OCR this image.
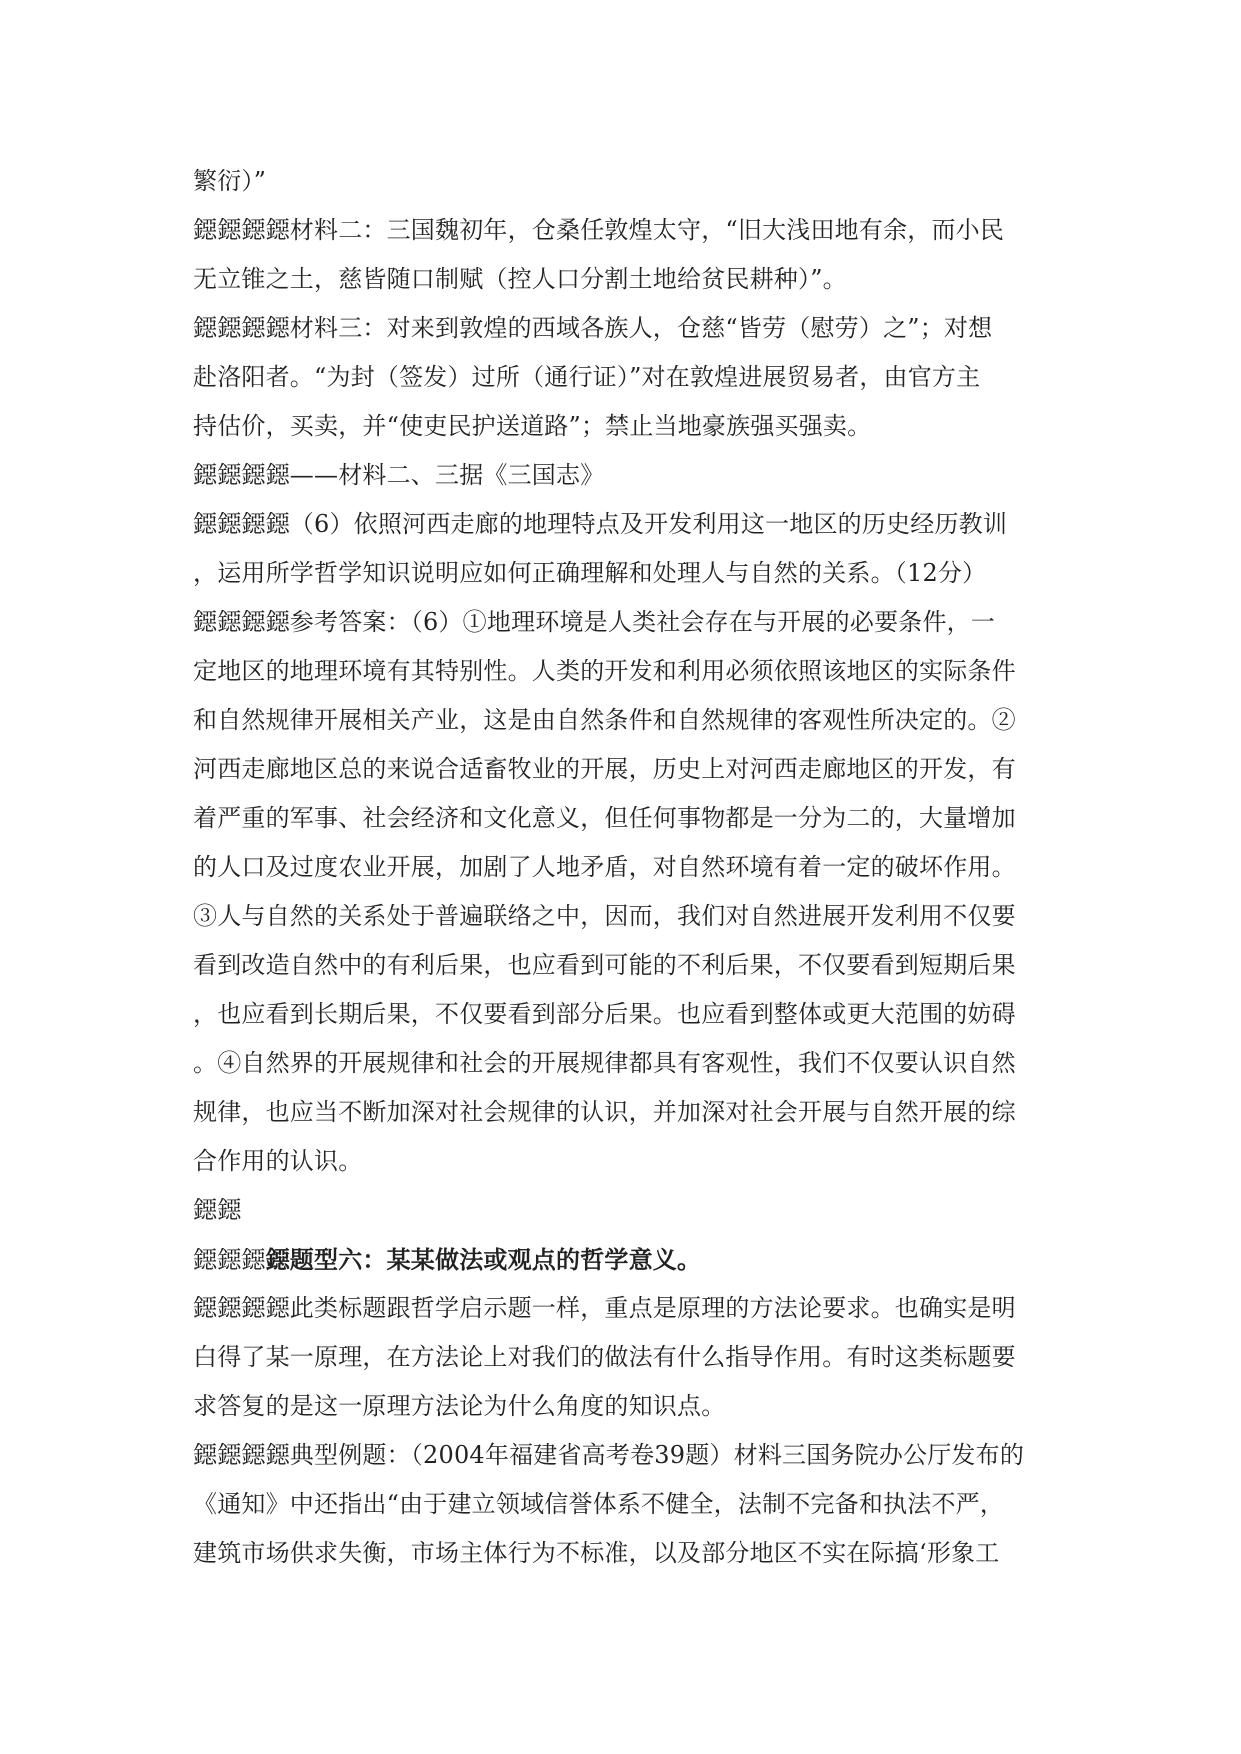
繁衍）”
鐚鐚鐚鐚材料二：三国魏初年，仓桑任敦煌太守，“旧大浅田地有余，而小民
无立锥之土，慈皆随口制赋（控人口分割土地给贫民耕种）”。
鐚鐚鐚鐚材料三：对来到敦煌的西域各族人，仓慈“皆劳（慰劳）之”；对想
赴洛阳者。“为封（签发）过所（通行证）”对在敦煌进展贸易者，由官方主
持估价，买卖，并“使吏民护送道路”；禁止当地豪族强买强卖。
鐚鐚鐚鐚——材料二、三据《三国志》
鐚鐚鐚鐚（6）依照河西走廊的地理特点及开发利用这一地区的历史经历教训
，运用所学哲学知识说明应如何正确理解和处理人与自然的关系。（12分）
鐚鐚鐚鐚参考答案：（6）①地理环境是人类社会存在与开展的必要条件，一
定地区的地理环境有其特别性。人类的开发和利用必须依照该地区的实际条件
和自然规律开展相关产业，这是由自然条件和自然规律的客观性所决定的。②
河西走廊地区总的来说合适畜牧业的开展，历史上对河西走廊地区的开发，有
着严重的军事、社会经济和文化意义，但任何事物都是一分为二的，大量增加
的人口及过度农业开展，加剧了人地矛盾，对自然环境有着一定的破坏作用。
③人与自然的关系处于普遍联络之中，因而，我们对自然进展开发利用不仅要
看到改造自然中的有利后果，也应看到可能的不利后果，不仅要看到短期后果
，也应看到长期后果，不仅要看到部分后果。也应看到整体或更大范围的妨碍
。④自然界的开展规律和社会的开展规律都具有客观性，我们不仅要认识自然
规律，也应当不断加深对社会规律的认识，并加深对社会开展与自然开展的综
合作用的认识。
鐚鐚
鐚鐚鐚鐚题型六：某某做法或观点的哲学意义。
鐚鐚鐚鐚此类标题跟哲学启示题一样，重点是原理的方法论要求。也确实是明
白得了某一原理，在方法论上对我们的做法有什么指导作用。有时这类标题要
求答复的是这一原理方法论为什么角度的知识点。
鐚鐚鐚鐚典型例题：（2004年福建省高考卷39题）材料三国务院办公厅发布的
《通知》中还指出“由于建立领域信誉体系不健全，法制不完备和执法不严，
建筑市场供求失衡，市场主体行为不标准，以及部分地区不实在际搞‘形象工
